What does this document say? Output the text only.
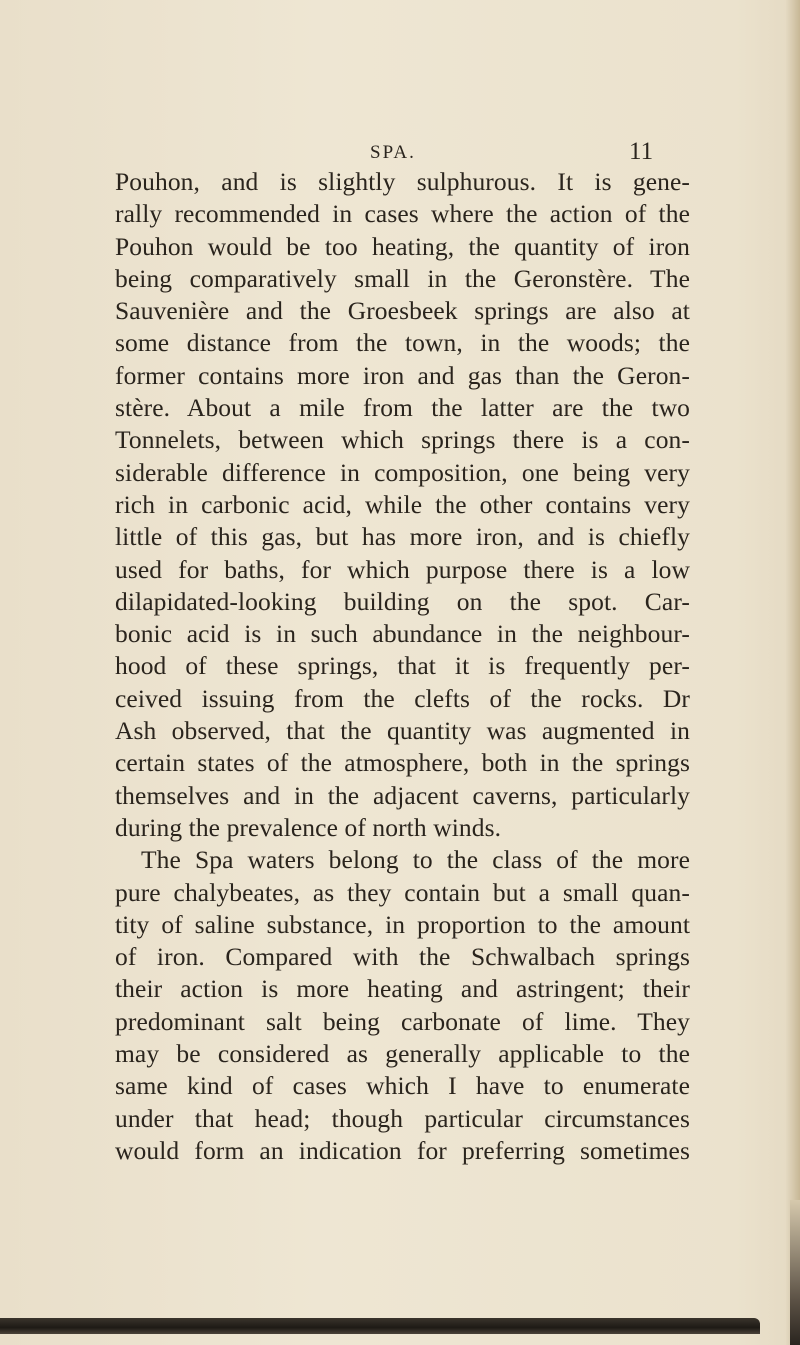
SPA.	11
Pouhon, and is slightly sulphurous. It is gene-
rally recommended in cases where the action of the
Pouhon would be too heating, the quantity of iron
being comparatively small in the Geronstère. The
Sauvenière and the Groesbeek springs are also at
some distance from the town, in the woods; the
former contains more iron and gas than the Geron-
stère. About a mile from the latter are the two
Tonnelets, between which springs there is a con-
siderable difference in composition, one being very
rich in carbonic acid, while the other contains very
little of this gas, but has more iron, and is chiefly
used for baths, for which purpose there is a low
dilapidated-looking building on the spot. Car-
bonic acid is in such abundance in the neighbour-
hood of these springs, that it is frequently per-
ceived issuing from the clefts of the rocks. Dr
Ash observed, that the quantity was augmented in
certain states of the atmosphere, both in the springs
themselves and in the adjacent caverns, particularly
during the prevalence of north winds.
The Spa waters belong to the class of the more
pure chalybeates, as they contain but a small quan-
tity of saline substance, in proportion to the amount
of iron. Compared with the Schwalbach springs
their action is more heating and astringent; their
predominant salt being carbonate of lime. They
may be considered as generally applicable to the
same kind of cases which I have to enumerate
under that head; though particular circumstances
would form an indication for preferring sometimes
